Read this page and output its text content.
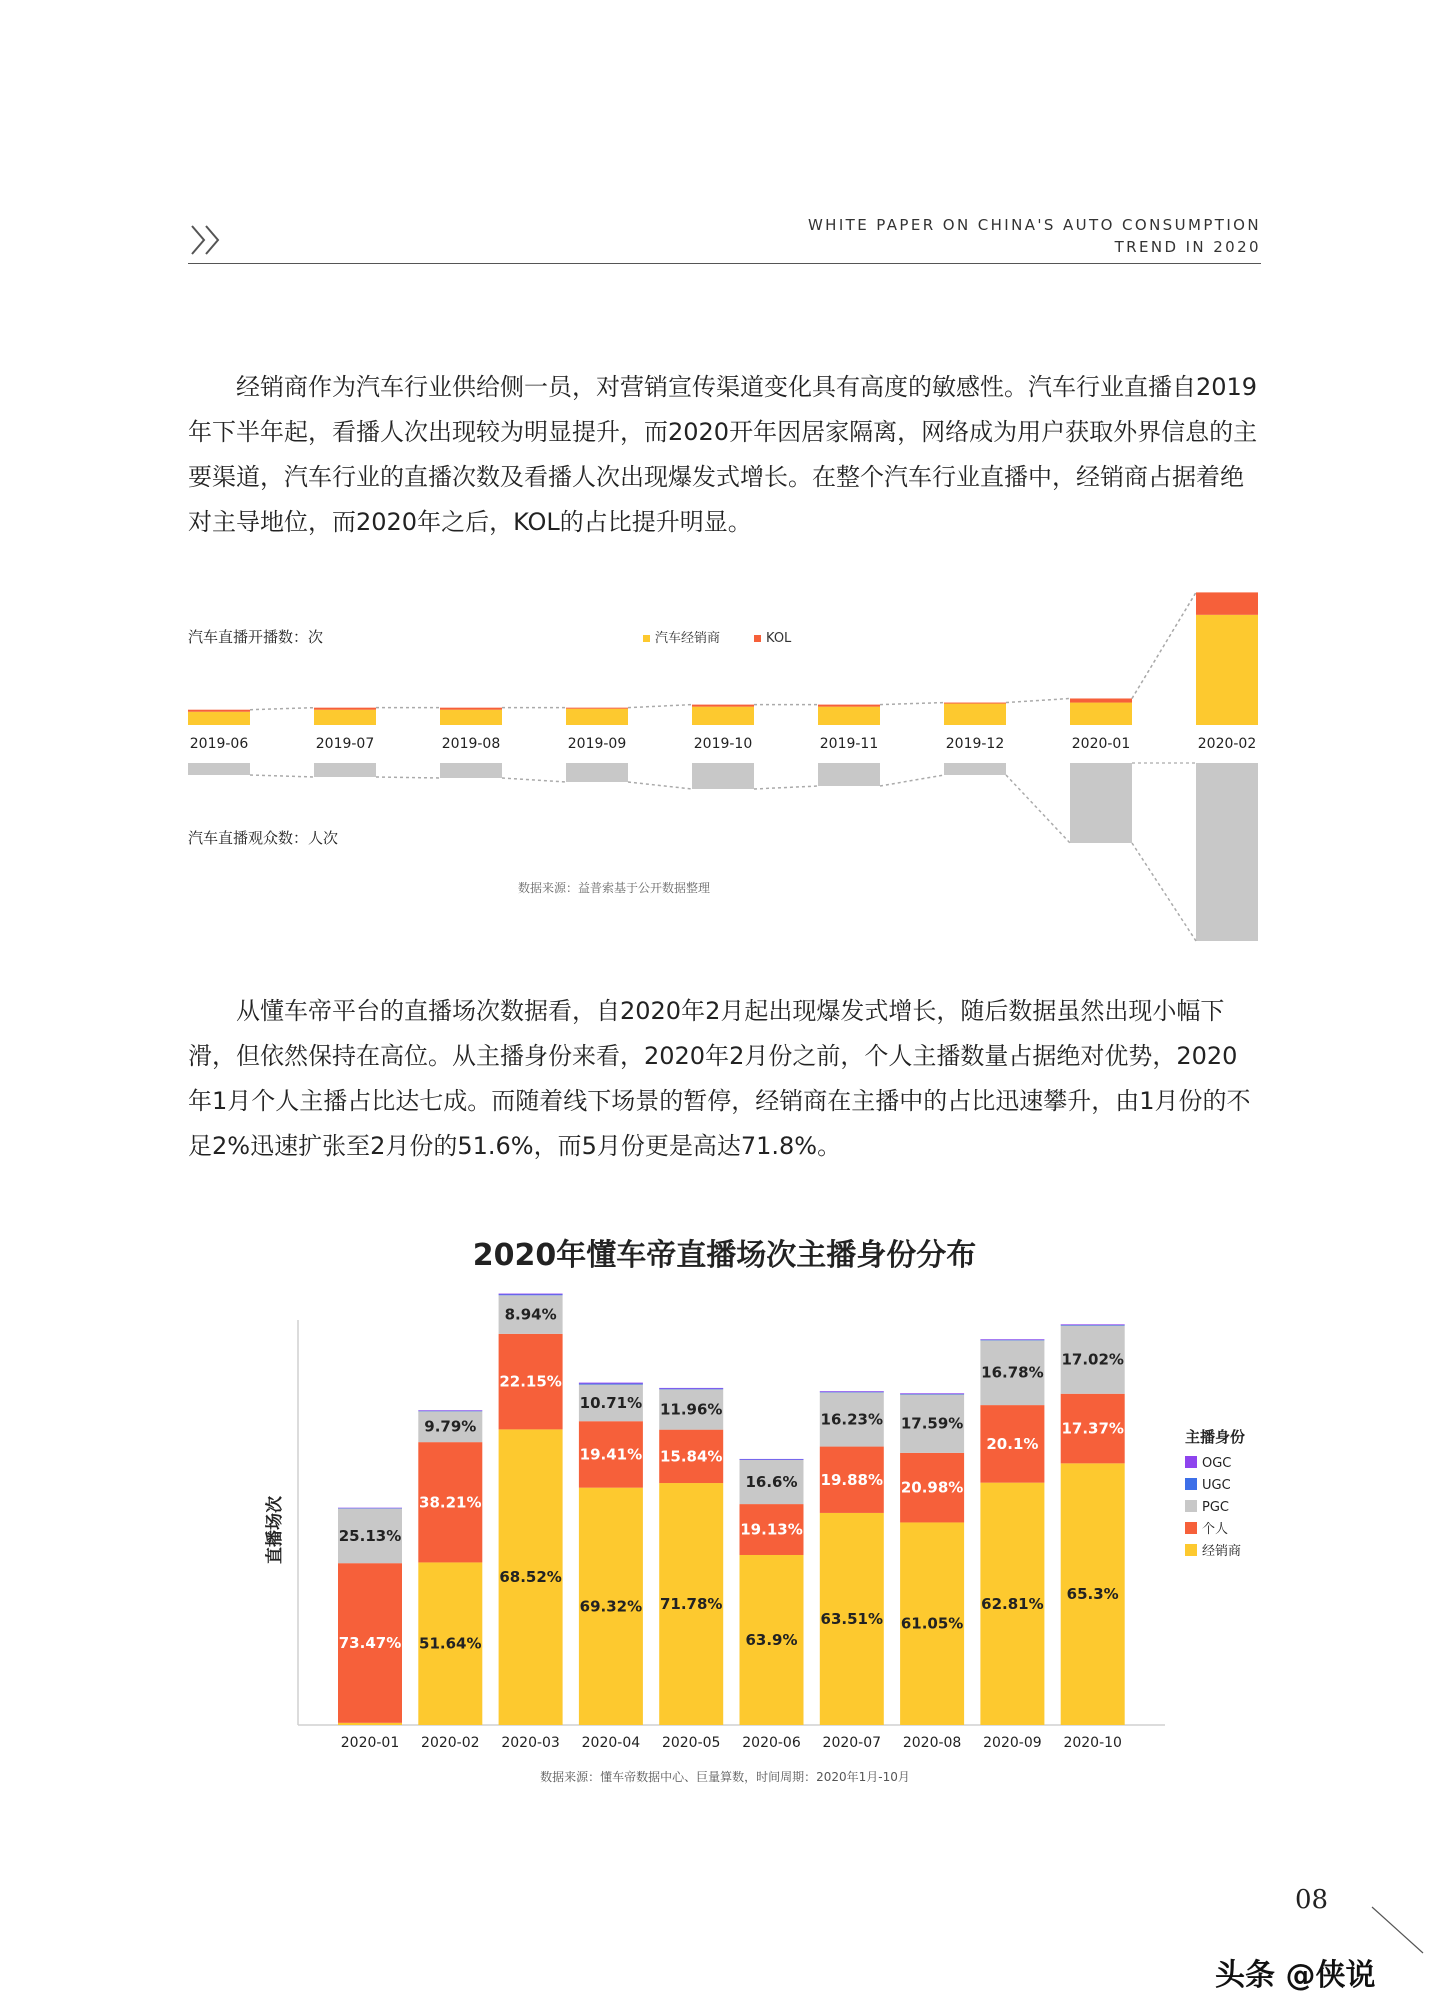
WHITE PAPER ON CHINA'S AUTO CONSUMPTION
TREND IN 2020
经销商作为汽车行业供给侧一员，对营销宣传渠道变化具有高度的敏感性。汽车行业直播自2019年下半年起，看播人次出现较为明显提升，而2020开年因居家隔离，网络成为用户获取外界信息的主要渠道，汽车行业的直播次数及看播人次出现爆发式增长。在整个汽车行业直播中，经销商占据着绝对主导地位，而2020年之后，KOL的占比提升明显。
汽车直播开播数：次	汽车经销商	KOL
2019-06	2019-07	2019-08	2019-09	2019-10	2019-11	2019-12	2020-01	2020-02
汽车直播观众数：人次
数据来源：益普索基于公开数据整理
从懂车帝平台的直播场次数据看，自2020年2月起出现爆发式增长，随后数据虽然出现小幅下滑，但依然保持在高位。从主播身份来看，2020年2月份之前，个人主播数量占据绝对优势，2020年1月个人主播占比达七成。而随着线下场景的暂停，经销商在主播中的占比迅速攀升，由1月份的不足2%迅速扩张至2月份的51.6%，而5月份更是高达71.8%。
2020年懂车帝直播场次主播身份分布
直播场次
73.47%
25.13%
2020-01
51.64%
38.21%
9.79%
2020-02
68.52%
22.15%
8.94%
2020-03
69.32%
19.41%
10.71%
2020-04
71.78%
15.84%
11.96%
2020-05
63.9%
19.13%
16.6%
2020-06
63.51%
19.88%
16.23%
2020-07
61.05%
20.98%
17.59%
2020-08
62.81%
20.1%
16.78%
2020-09
65.3%
17.37%
17.02%
2020-10
主播身份
OGC
UGC
PGC
个人
经销商
数据来源：懂车帝数据中心、巨量算数，时间周期：2020年1月-10月
08
头条 @侠说
